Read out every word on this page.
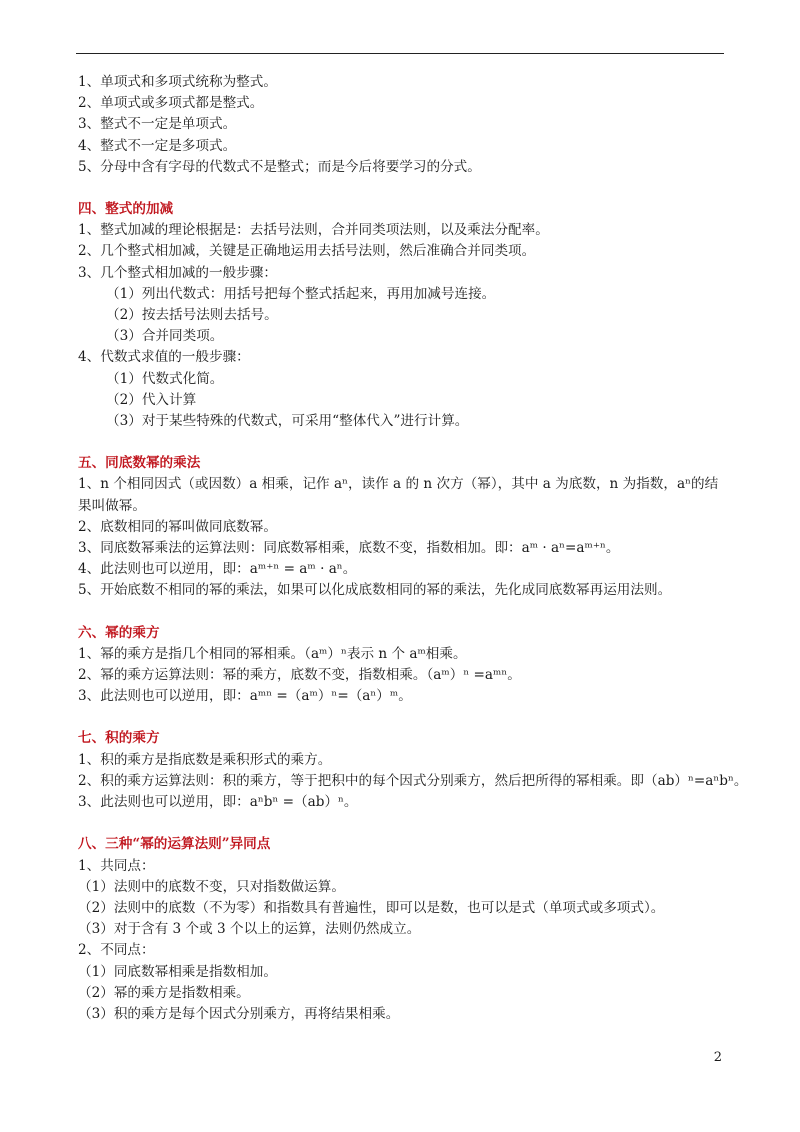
1、单项式和多项式统称为整式。
2、单项式或多项式都是整式。
3、整式不一定是单项式。
4、整式不一定是多项式。
5、分母中含有字母的代数式不是整式；而是今后将要学习的分式。
四、整式的加减
1、整式加减的理论根据是：去括号法则，合并同类项法则，以及乘法分配率。
2、几个整式相加减，关键是正确地运用去括号法则，然后准确合并同类项。
3、几个整式相加减的一般步骤：
（1）列出代数式：用括号把每个整式括起来，再用加减号连接。
（2）按去括号法则去括号。
（3）合并同类项。
4、代数式求值的一般步骤：
（1）代数式化简。
（2）代入计算
（3）对于某些特殊的代数式，可采用“整体代入”进行计算。
五、同底数幂的乘法
1、n 个相同因式（或因数）a 相乘，记作 aⁿ，读作 a 的 n 次方（幂），其中 a 为底数，n 为指数，aⁿ的结果叫做幂。
2、底数相同的幂叫做同底数幂。
3、同底数幂乘法的运算法则：同底数幂相乘，底数不变，指数相加。即：aᵐ · aⁿ=aᵐ⁺ⁿ。
4、此法则也可以逆用，即：aᵐ⁺ⁿ = aᵐ · aⁿ。
5、开始底数不相同的幂的乘法，如果可以化成底数相同的幂的乘法，先化成同底数幂再运用法则。
六、幂的乘方
1、幂的乘方是指几个相同的幂相乘。（aᵐ）ⁿ表示 n 个 aᵐ相乘。
2、幂的乘方运算法则：幂的乘方，底数不变，指数相乘。（aᵐ）ⁿ =aᵐⁿ。
3、此法则也可以逆用，即：aᵐⁿ =（aᵐ）ⁿ=（aⁿ）ᵐ。
七、积的乘方
1、积的乘方是指底数是乘积形式的乘方。
2、积的乘方运算法则：积的乘方，等于把积中的每个因式分别乘方，然后把所得的幂相乘。即（ab）ⁿ=aⁿbⁿ。
3、此法则也可以逆用，即：aⁿbⁿ =（ab）ⁿ。
八、三种“幂的运算法则”异同点
1、共同点：
（1）法则中的底数不变，只对指数做运算。
（2）法则中的底数（不为零）和指数具有普遍性，即可以是数，也可以是式（单项式或多项式）。
（3）对于含有 3 个或 3 个以上的运算，法则仍然成立。
2、不同点：
（1）同底数幂相乘是指数相加。
（2）幂的乘方是指数相乘。
（3）积的乘方是每个因式分别乘方，再将结果相乘。
2
